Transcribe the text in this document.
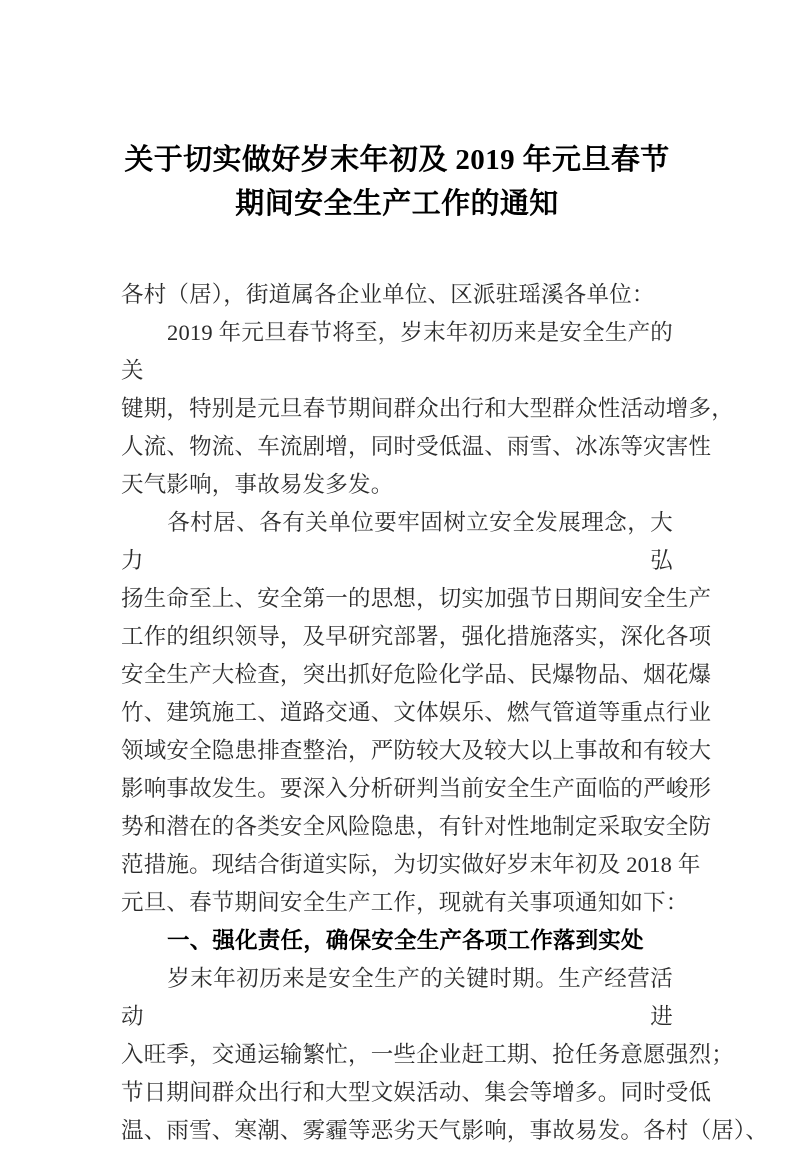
关于切实做好岁末年初及 2019 年元旦春节
期间安全生产工作的通知
各村（居），街道属各企业单位、区派驻瑶溪各单位：
2019 年元旦春节将至，岁末年初历来是安全生产的关
键期，特别是元旦春节期间群众出行和大型群众性活动增多，
人流、物流、车流剧增，同时受低温、雨雪、冰冻等灾害性
天气影响，事故易发多发。
各村居、各有关单位要牢固树立安全发展理念，大力弘
扬生命至上、安全第一的思想，切实加强节日期间安全生产
工作的组织领导，及早研究部署，强化措施落实，深化各项
安全生产大检查，突出抓好危险化学品、民爆物品、烟花爆
竹、建筑施工、道路交通、文体娱乐、燃气管道等重点行业
领域安全隐患排查整治，严防较大及较大以上事故和有较大
影响事故发生。要深入分析研判当前安全生产面临的严峻形
势和潜在的各类安全风险隐患，有针对性地制定采取安全防
范措施。现结合街道实际，为切实做好岁末年初及 2018 年
元旦、春节期间安全生产工作，现就有关事项通知如下：
一、强化责任，确保安全生产各项工作落到实处
岁末年初历来是安全生产的关键时期。生产经营活动进
入旺季，交通运输繁忙，一些企业赶工期、抢任务意愿强烈；
节日期间群众出行和大型文娱活动、集会等增多。同时受低
温、雨雪、寒潮、雾霾等恶劣天气影响，事故易发。各村（居）、
